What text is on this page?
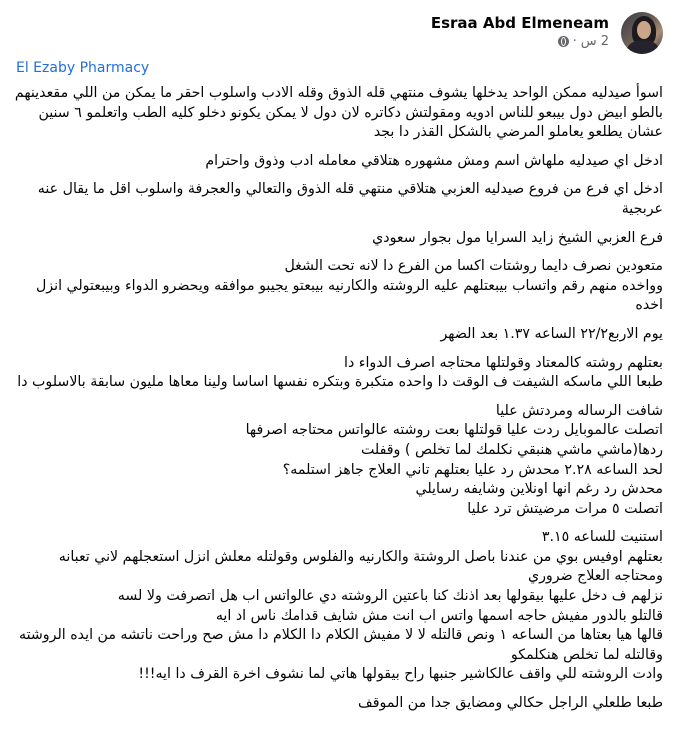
Esraa Abd Elmeneam
2 س
·
El Ezaby Pharmacy

اسوأ صيدليه ممكن الواحد يدخلها يشوف منتهي قله الذوق وقله الادب واسلوب احقر ما يمكن من اللي مقعدينهم بالطو ابيض دول بيبعو للناس ادويه ومقولتش دكاتره لان دول لا يمكن يكونو دخلو كليه الطب واتعلمو ٦ سنين عشان يطلعو يعاملو المرضي بالشكل القذر دا بجد

ادخل اي صيدليه ملهاش اسم ومش مشهوره هتلاقي معامله ادب وذوق واحترام

ادخل اي فرع من فروع صيدليه العزبي هتلاقي منتهي قله الذوق والتعالي والعجرفة واسلوب اقل ما يقال عنه عربجية

فرع العزبي الشيخ زايد السرايا مول بجوار سعودي

متعودين نصرف دايما روشتات اكسا من الفرع دا لانه تحت الشغل
وواخده منهم رقم واتساب بيبعتلهم عليه الروشته والكارنيه بيبعتو يجيبو موافقه ويحضرو الدواء وبيبعتولي انزل اخده

يوم الاربع٢٢/٢ الساعه ١.٣٧ بعد الضهر

بعتلهم روشته كالمعتاد وقولتلها محتاجه اصرف الدواء دا
طبعا اللي ماسكه الشيفت ف الوقت دا واحده متكبرة وبتكره نفسها اساسا ولينا معاها مليون سابقة بالاسلوب دا

شافت الرساله ومردتش عليا
اتصلت عالموبايل ردت عليا قولتلها بعت روشته عالواتس محتاجه اصرفها
ردها(ماشي ماشي هنبقي نكلمك لما تخلص ) وقفلت
لحد الساعه ٢.٢٨ محدش رد عليا بعتلهم تاني العلاج جاهز استلمه؟
محدش رد رغم انها اونلاين وشايفه رسايلي
اتصلت ٥ مرات مرضيتش ترد عليا

استنيت للساعه ٣.١٥
بعتلهم اوفيس بوي من عندنا باصل الروشتة والكارنيه والفلوس وقولتله معلش انزل استعجلهم لاني تعبانه ومحتاجه العلاج ضروري
نزلهم ف دخل عليها بيقولها بعد اذنك كنا باعتين الروشته دي عالواتس اب هل اتصرفت ولا لسه
قالتلو بالدور مفيش حاجه اسمها واتس اب انت مش شايف قدامك ناس اد ايه
قالها هيا بعتاها من الساعه ١ ونص قالتله لا لا مفيش الكلام دا الكلام دا مش صح وراحت ناتشه من ايده الروشته وقالتله لما تخلص هنكلمكو
وادت الروشته للي واقف عالكاشير جنبها راح بيقولها هاتي لما نشوف اخرة القرف دا ايه!!!

طبعا طلعلي الراجل حكالي ومضايق جدا من الموقف
